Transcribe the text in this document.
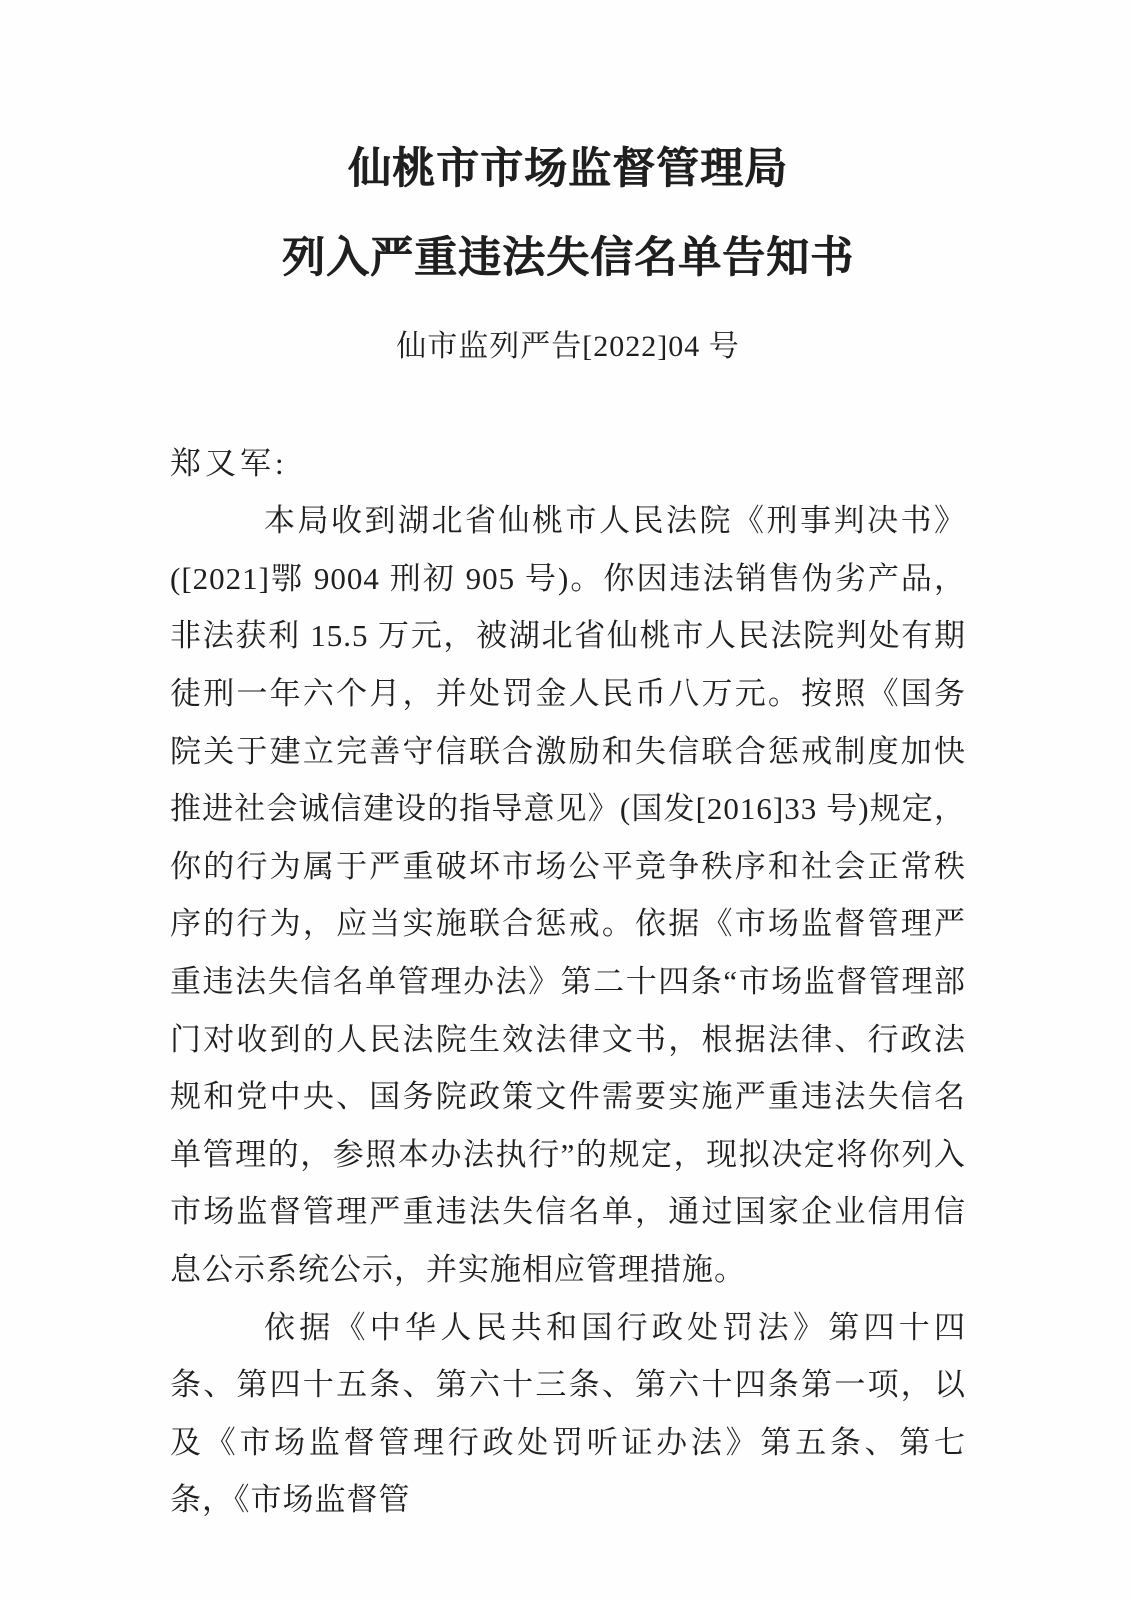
仙桃市市场监督管理局
列入严重违法失信名单告知书
仙市监列严告[2022]04 号
郑又军:

本局收到湖北省仙桃市人民法院《刑事判决书》([2021]鄂 9004 刑初 905 号)。你因违法销售伪劣产品，非法获利 15.5 万元，被湖北省仙桃市人民法院判处有期徒刑一年六个月，并处罚金人民币八万元。按照《国务院关于建立完善守信联合激励和失信联合惩戒制度加快推进社会诚信建设的指导意见》(国发[2016]33 号)规定，你的行为属于严重破坏市场公平竞争秩序和社会正常秩序的行为，应当实施联合惩戒。依据《市场监督管理严重违法失信名单管理办法》第二十四条“市场监督管理部门对收到的人民法院生效法律文书，根据法律、行政法规和党中央、国务院政策文件需要实施严重违法失信名单管理的，参照本办法执行”的规定，现拟决定将你列入市场监督管理严重违法失信名单，通过国家企业信用信息公示系统公示，并实施相应管理措施。

依据《中华人民共和国行政处罚法》第四十四条、第四十五条、第六十三条、第六十四条第一项，以及《市场监督管理行政处罚听证办法》第五条、第七条，《市场监督管
